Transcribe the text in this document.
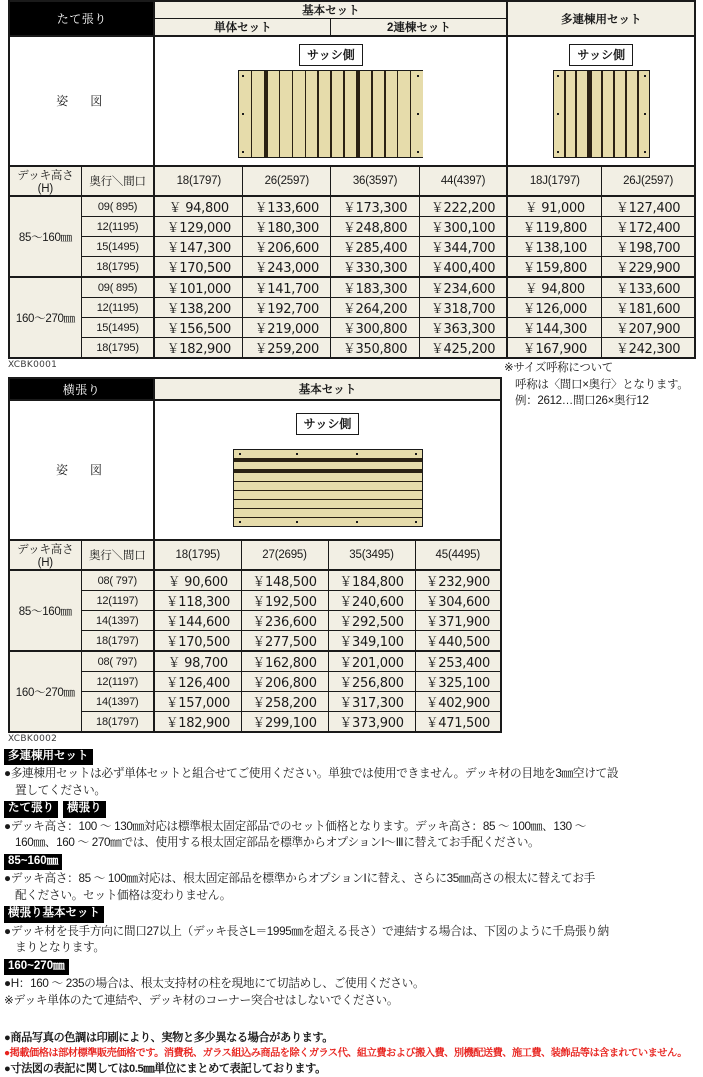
たて張り		基本セット				多連棟用セット	
		単体セット		2連棟セット			
姿　図		サッシ側				サッシ側	

デッキ高さ(H)	奥行＼間口	18(1797)	26(2597)	36(3597)	44(4397)	18J(1797)	26J(2597)
85〜160㎜	09( 895)	￥ 94,800	￥133,600	￥173,300	￥222,200	￥ 91,000	￥127,400
	12(1195)	￥129,000	￥180,300	￥248,800	￥300,100	￥119,800	￥172,400
	15(1495)	￥147,300	￥206,600	￥285,400	￥344,700	￥138,100	￥198,700
	18(1795)	￥170,500	￥243,000	￥330,300	￥400,400	￥159,800	￥229,900
160〜270㎜	09( 895)	￥101,000	￥141,700	￥183,300	￥234,600	￥ 94,800	￥133,600
	12(1195)	￥138,200	￥192,700	￥264,200	￥318,700	￥126,000	￥181,600
	15(1495)	￥156,500	￥219,000	￥300,800	￥363,300	￥144,300	￥207,900
	18(1795)	￥182,900	￥259,200	￥350,800	￥425,200	￥167,900	￥242,300
XCBK0001
横張り		基本セット			
姿　図		サッシ側			

デッキ高さ(H)	奥行＼間口	18(1795)	27(2695)	35(3495)	45(4495)
85〜160㎜	08( 797)	￥ 90,600	￥148,500	￥184,800	￥232,900
	12(1197)	￥118,300	￥192,500	￥240,600	￥304,600
	14(1397)	￥144,600	￥236,600	￥292,500	￥371,900
	18(1797)	￥170,500	￥277,500	￥349,100	￥440,500
160〜270㎜	08( 797)	￥ 98,700	￥162,800	￥201,000	￥253,400
	12(1197)	￥126,400	￥206,800	￥256,800	￥325,100
	14(1397)	￥157,000	￥258,200	￥317,300	￥402,900
	18(1797)	￥182,900	￥299,100	￥373,900	￥471,500
XCBK0002
※サイズ呼称について
呼称は〈間口×奥行〉となります。
例：2612…間口26×奥行12
多連棟用セット
●多連棟用セットは必ず単体セットと組合せてご使用ください。単独では使用できません。デッキ材の目地を3㎜空けて設
置してください。
たて張り	横張り
●デッキ高さ：100 〜 130㎜対応は標準根太固定部品でのセット価格となります。デッキ高さ：85 〜 100㎜、130 〜
160㎜、160 〜 270㎜では、使用する根太固定部品を標準からオプションⅠ〜Ⅲに替えてお手配ください。
85~160㎜
●デッキ高さ：85 〜 100㎜対応は、根太固定部品を標準からオプションⅠに替え、さらに35㎜高さの根太に替えてお手
配ください。セット価格は変わりません。
横張り基本セット
●デッキ材を長手方向に間口27以上（デッキ長さL＝1995㎜を超える長さ）で連結する場合は、下図のように千鳥張り納
まりとなります。
160~270㎜
●H：160 〜 235の場合は、根太支持材の柱を現地にて切詰めし、ご使用ください。
※デッキ単体のたて連結や、デッキ材のコーナー突合せはしないでください。

●商品写真の色調は印刷により、実物と多少異なる場合があります。

●掲載価格は部材標準販売価格です。消費税、ガラス組込み商品を除くガラス代、組立費および搬入費、別機配送費、施工費、装飾品等は含まれていません。

●寸法図の表記に関しては0.5㎜単位にまとめて表記しております。
